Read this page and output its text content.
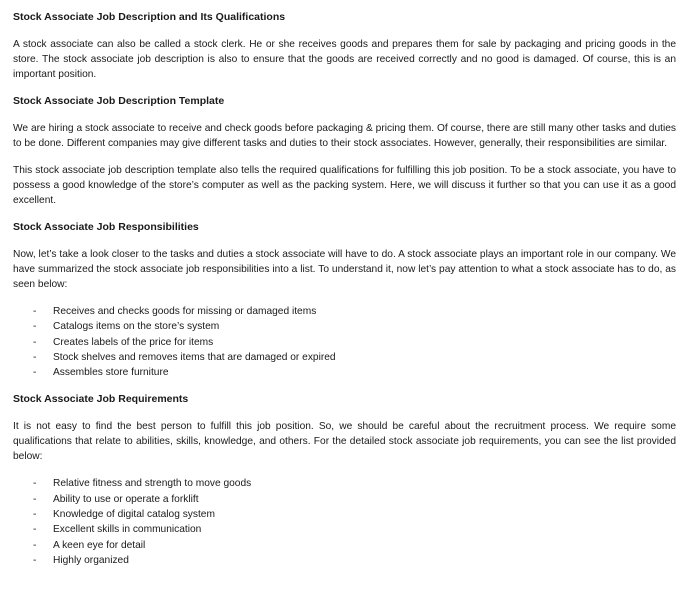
Stock Associate Job Description and Its Qualifications

A stock associate can also be called a stock clerk. He or she receives goods and prepares them for sale by packaging and pricing goods in the store. The stock associate job description is also to ensure that the goods are received correctly and no good is damaged. Of course, this is an important position.

Stock Associate Job Description Template

We are hiring a stock associate to receive and check goods before packaging & pricing them. Of course, there are still many other tasks and duties to be done. Different companies may give different tasks and duties to their stock associates. However, generally, their responsibilities are similar.

This stock associate job description template also tells the required qualifications for fulfilling this job position. To be a stock associate, you have to possess a good knowledge of the store’s computer as well as the packing system. Here, we will discuss it further so that you can use it as a good excellent.

Stock Associate Job Responsibilities

Now, let’s take a look closer to the tasks and duties a stock associate will have to do. A stock associate plays an important role in our company. We have summarized the stock associate job responsibilities into a list. To understand it, now let’s pay attention to what a stock associate has to do, as seen below:

- Receives and checks goods for missing or damaged items
- Catalogs items on the store’s system
- Creates labels of the price for items
- Stock shelves and removes items that are damaged or expired
- Assembles store furniture
Stock Associate Job Requirements

It is not easy to find the best person to fulfill this job position. So, we should be careful about the recruitment process. We require some qualifications that relate to abilities, skills, knowledge, and others. For the detailed stock associate job requirements, you can see the list provided below:

- Relative fitness and strength to move goods
- Ability to use or operate a forklift
- Knowledge of digital catalog system
- Excellent skills in communication
- A keen eye for detail
- Highly organized
